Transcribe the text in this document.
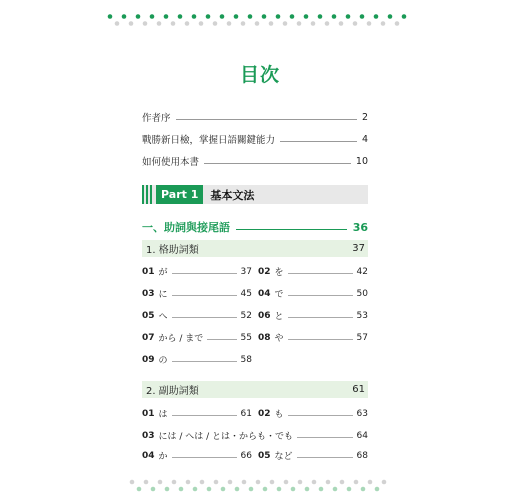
目次
作者序	2
戰勝新日檢，掌握日語關鍵能力	4
如何使用本書	10
Part 1	基本文法
一、助詞與接尾語	36
1. 格助詞類	37
01 が	37 02 を	42
03 に	45 04 で	50
05 へ	52 06 と	53
07 から / まで	55 08 や	57
09 の	58
2. 副助詞類	61
01 は	61 02 も	63
03 には / へは / とは・からも・でも	64
04 か	66 05 など	68
